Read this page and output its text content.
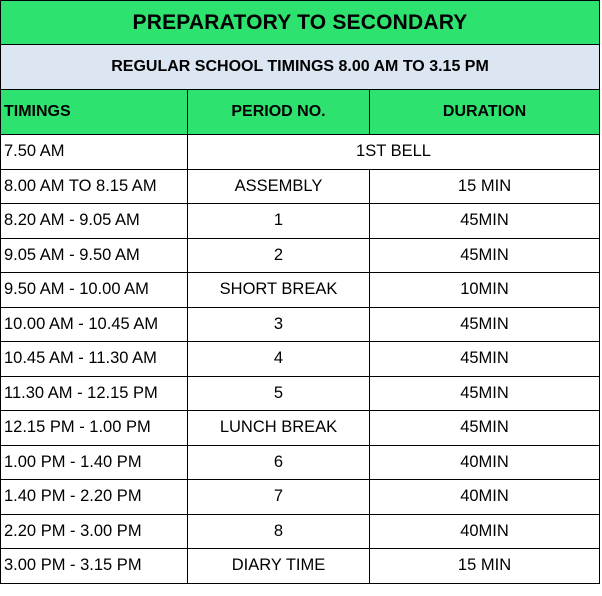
PREPARATORY TO SECONDARY		
REGULAR SCHOOL TIMINGS 8.00 AM TO 3.15 PM		
TIMINGS	PERIOD NO.	DURATION
7.50 AM	1ST BELL	
8.00 AM TO 8.15 AM	ASSEMBLY	15 MIN
8.20 AM - 9.05 AM	1	45MIN
9.05 AM - 9.50 AM	2	45MIN
9.50 AM - 10.00 AM	SHORT BREAK	10MIN
10.00 AM - 10.45 AM	3	45MIN
10.45 AM - 11.30 AM	4	45MIN
11.30 AM - 12.15 PM	5	45MIN
12.15 PM - 1.00 PM	LUNCH BREAK	45MIN
1.00 PM - 1.40 PM	6	40MIN
1.40 PM - 2.20 PM	7	40MIN
2.20 PM - 3.00 PM	8	40MIN
3.00 PM - 3.15 PM	DIARY TIME	15 MIN
